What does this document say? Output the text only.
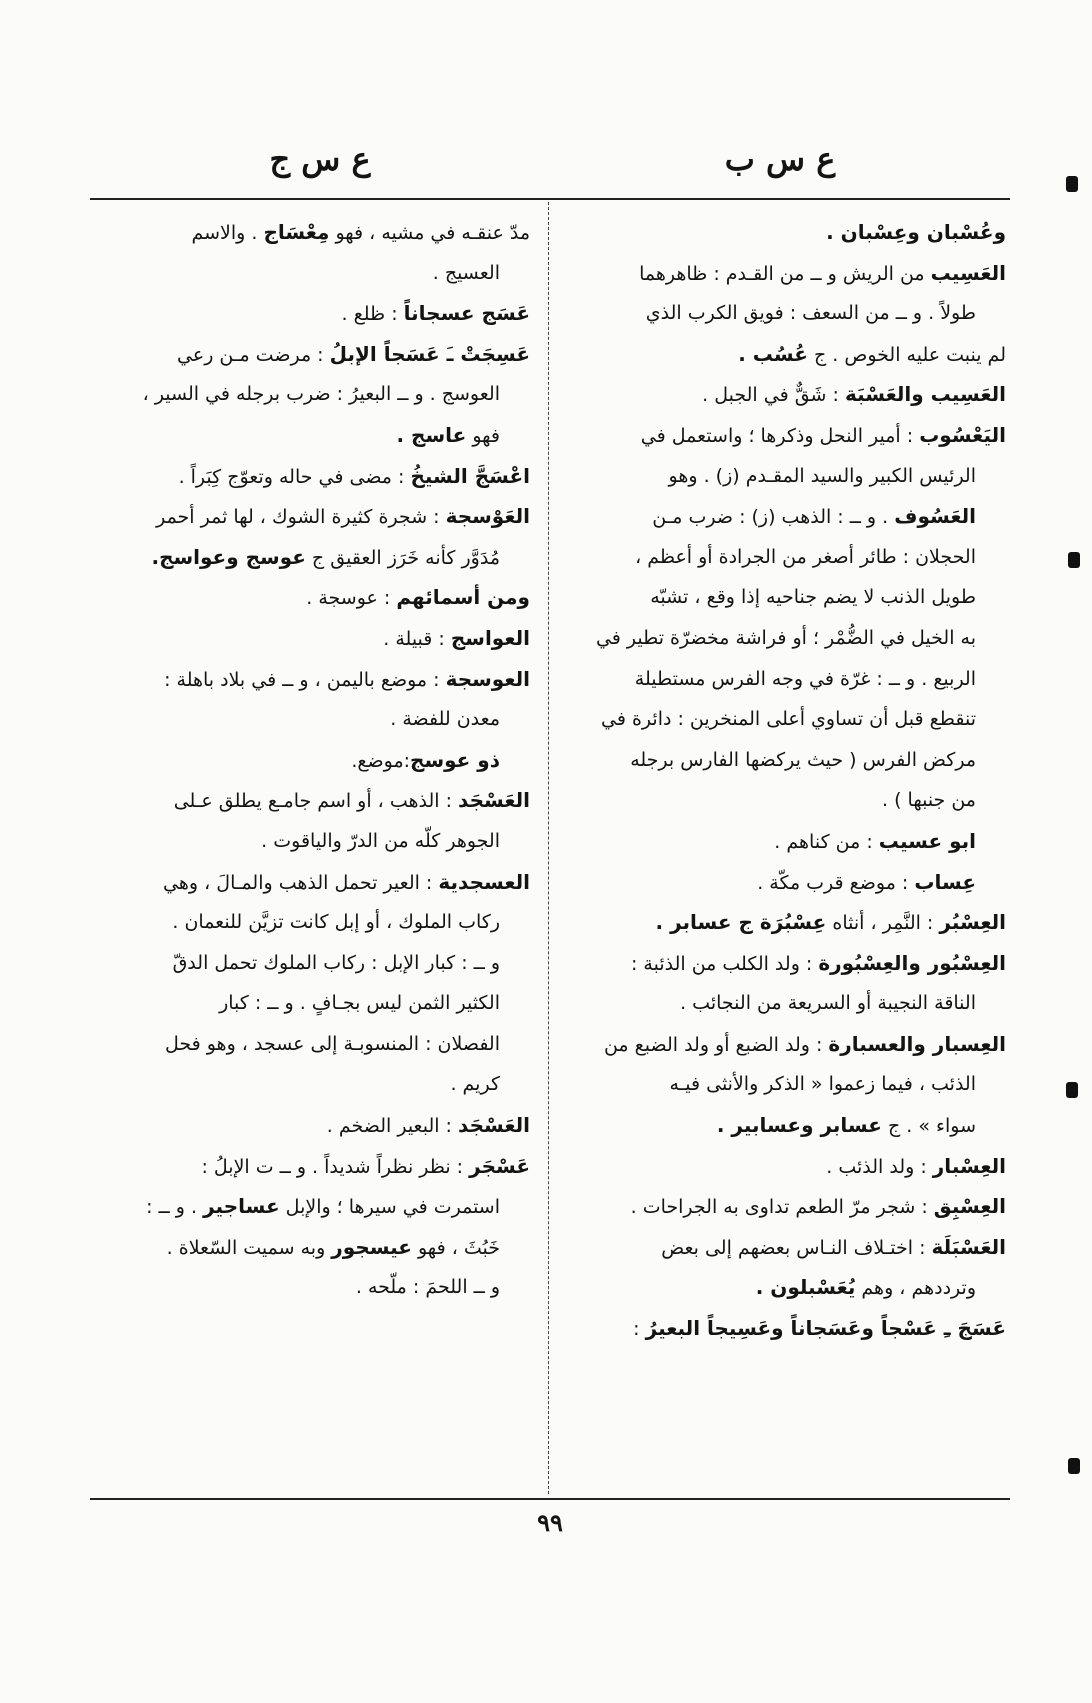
ع س ب
ع س ج
وعُسْبان وعِسْبان .
العَسِيب من الريش و ــ من القـدم : ظاهرهما
طولاً . و ــ من السعف : فويق الكرب الذي
لم ينبت عليه الخوص . ج عُسُب .
العَسِيب والعَسْبَة : شَقٌّ في الجبل .
اليَعْسُوب : أمير النحل وذكرها ؛ واستعمل في
الرئيس الكبير والسيد المقـدم (ز) . وهو
العَسُوف . و ــ : الذهب (ز) : ضرب مـن
الحجلان : طائر أصغر من الجرادة أو أعظم ،
طويل الذنب لا يضم جناحيه إذا وقع ، تشبّه
به الخيل في الضُّمْر ؛ أو فراشة مخضرّة تطير في
الربيع . و ــ : غرّة في وجه الفرس مستطيلة
تنقطع قبل أن تساوي أعلى المنخرين : دائرة في
مركض الفرس ( حيث يركضها الفارس برجله
من جنبها ) .
ابو عسيب : من كناهم .
عِساب : موضع قرب مكّة .
العِسْبُر : النَّمِر ، أنثاه عِسْبُرَة ج عسابر .
العِسْبُور والعِسْبُورة : ولد الكلب من الذئبة :
الناقة النجيبة أو السريعة من النجائب .
العِسبار والعسبارة : ولد الضبع أو ولد الضبع من
الذئب ، فيما زعموا « الذكر والأنثى فيـه
سواء » . ج عسابر وعسابير .
العِسْبار : ولد الذئب .
العِسْبِق : شجر مرّ الطعم تداوى به الجراحات .
العَسْبَلَة : اختـلاف النـاس بعضهم إلى بعض
وترددهم ، وهم يُعَسْبلون .
عَسَجَ ـِ عَسْجاً وعَسَجاناً وعَسِيجاً البعيرُ :
مدّ عنقـه في مشيه ، فهو مِعْسَاج . والاسم
العسيج .
عَسَج عسجاناً : ظلع .
عَسِجَتْ ـَ عَسَجاً الإبلُ : مرضت مـن رعي
العوسج . و ــ البعيرُ : ضرب برجله في السير ،
فهو عاسج .
اعْسَجَّ الشيخُ : مضى في حاله وتعوّج كِبَراً .
العَوْسجة : شجرة كثيرة الشوك ، لها ثمر أحمر
مُدَوَّر كأنه خَرَز العقيق ج عوسج وعواسج.
ومن أسمائهم : عوسجة .
العواسج : قبيلة .
العوسجة : موضع باليمن ، و ــ في بلاد باهلة :
معدن للفضة .
ذو عوسج:موضع.
العَسْجَد : الذهب ، أو اسم جامـع يطلق عـلى
الجوهر كلّه من الدرّ والياقوت .
العسجدية : العير تحمل الذهب والمـالَ ، وهي
ركاب الملوك ، أو إبل كانت تزيَّن للنعمان .
و ــ : كبار الإبل : ركاب الملوك تحمل الدقّ
الكثير الثمن ليس بجـافٍ . و ــ : كبار
الفصلان : المنسوبـة إلى عسجد ، وهو فحل
كريم .
العَسْجَد : البعير الضخم .
عَسْجَر : نظر نظراً شديداً . و ــ ت الإبلُ :
استمرت في سيرها ؛ والإبل عساجير . و ــ :
خَبُثَ ، فهو عيسجور وبه سميت السّعلاة .
و ــ اللحمَ : ملّحه .
٩٩
